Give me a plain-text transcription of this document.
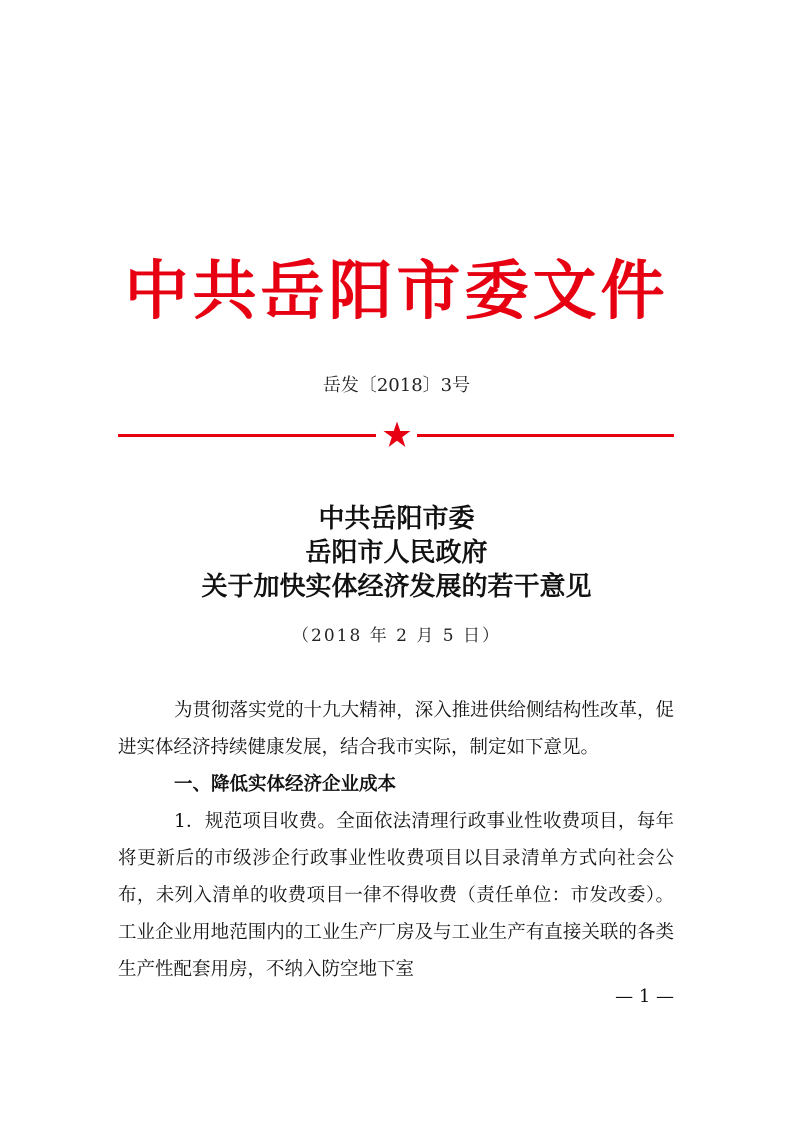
中共岳阳市委文件
岳发〔2018〕3号
中共岳阳市委
岳阳市人民政府
关于加快实体经济发展的若干意见
（2018 年 2 月 5 日）
为贯彻落实党的十九大精神，深入推进供给侧结构性改革，促进实体经济持续健康发展，结合我市实际，制定如下意见。
一、降低实体经济企业成本
1．规范项目收费。全面依法清理行政事业性收费项目，每年将更新后的市级涉企行政事业性收费项目以目录清单方式向社会公布，未列入清单的收费项目一律不得收费（责任单位：市发改委）。工业企业用地范围内的工业生产厂房及与工业生产有直接关联的各类生产性配套用房，不纳入防空地下室
— 1 —
